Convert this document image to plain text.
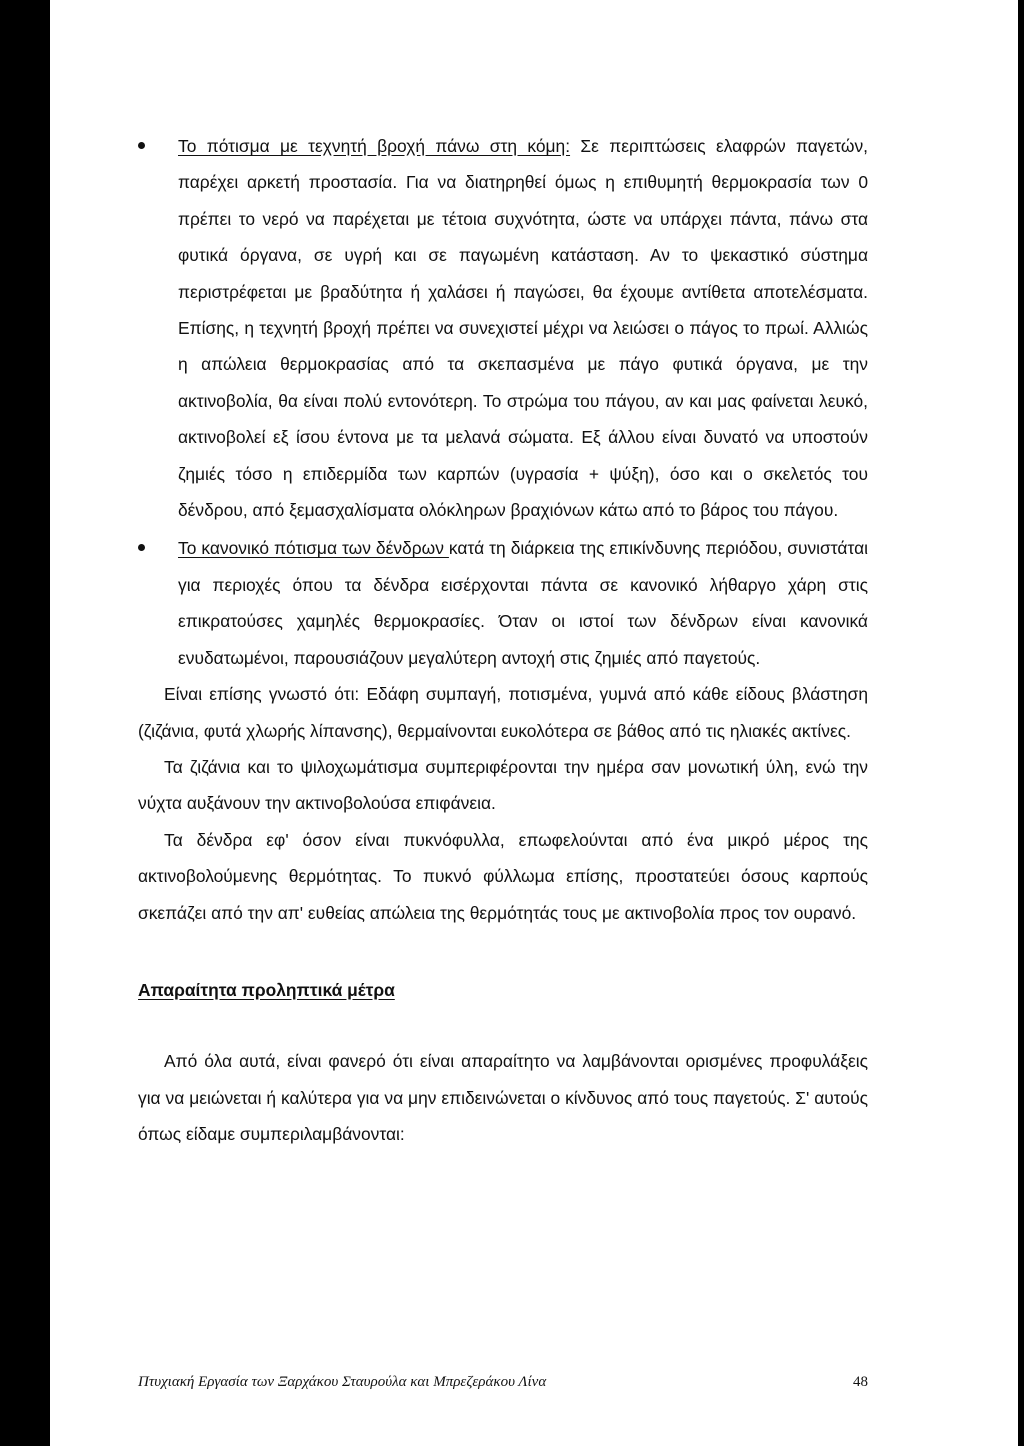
Το πότισμα με τεχνητή βροχή πάνω στη κόμη: Σε περιπτώσεις ελαφρών παγετών, παρέχει αρκετή προστασία. Για να διατηρηθεί όμως η επιθυμητή θερμοκρασία των 0 πρέπει το νερό να παρέχεται με τέτοια συχνότητα, ώστε να υπάρχει πάντα, πάνω στα φυτικά όργανα, σε υγρή και σε παγωμένη κατάσταση. Αν το ψεκαστικό σύστημα περιστρέφεται με βραδύτητα ή χαλάσει ή παγώσει, θα έχουμε αντίθετα αποτελέσματα. Επίσης, η τεχνητή βροχή πρέπει να συνεχιστεί μέχρι να λειώσει ο πάγος το πρωί. Αλλιώς η απώλεια θερμοκρασίας από τα σκεπασμένα με πάγο φυτικά όργανα, με την ακτινοβολία, θα είναι πολύ εντονότερη. Το στρώμα του πάγου, αν και μας φαίνεται λευκό, ακτινοβολεί εξ ίσου έντονα με τα μελανά σώματα. Εξ άλλου είναι δυνατό να υποστούν ζημιές τόσο η επιδερμίδα των καρπών (υγρασία + ψύξη), όσο και ο σκελετός του δένδρου, από ξεμασχαλίσματα ολόκληρων βραχιόνων κάτω από το βάρος του πάγου.

Το κανονικό πότισμα των δένδρων κατά τη διάρκεια της επικίνδυνης περιόδου, συνιστάται για περιοχές όπου τα δένδρα εισέρχονται πάντα σε κανονικό λήθαργο χάρη στις επικρατούσες χαμηλές θερμοκρασίες. Όταν οι ιστοί των δένδρων είναι κανονικά ενυδατωμένοι, παρουσιάζουν μεγαλύτερη αντοχή στις ζημιές από παγετούς.

Είναι επίσης γνωστό ότι: Εδάφη συμπαγή, ποτισμένα, γυμνά από κάθε είδους βλάστηση (ζιζάνια, φυτά χλωρής λίπανσης), θερμαίνονται ευκολότερα σε βάθος από τις ηλιακές ακτίνες.

Τα ζιζάνια και το ψιλοχωμάτισμα συμπεριφέρονται την ημέρα σαν μονωτική ύλη, ενώ την νύχτα αυξάνουν την ακτινοβολούσα επιφάνεια.

Τα δένδρα εφ' όσον είναι πυκνόφυλλα, επωφελούνται από ένα μικρό μέρος της ακτινοβολούμενης θερμότητας. Το πυκνό φύλλωμα επίσης, προστατεύει όσους καρπούς σκεπάζει από την απ' ευθείας απώλεια της θερμότητάς τους με ακτινοβολία προς τον ουρανό.

Απαραίτητα προληπτικά μέτρα

Από όλα αυτά, είναι φανερό ότι είναι απαραίτητο να λαμβάνονται ορισμένες προφυλάξεις για να μειώνεται ή καλύτερα για να μην επιδεινώνεται ο κίνδυνος από τους παγετούς. Σ' αυτούς όπως είδαμε συμπεριλαμβάνονται:

Πτυχιακή Εργασία των Ξαρχάκου Σταυρούλα και Μπρεζεράκου Λίνα	48
